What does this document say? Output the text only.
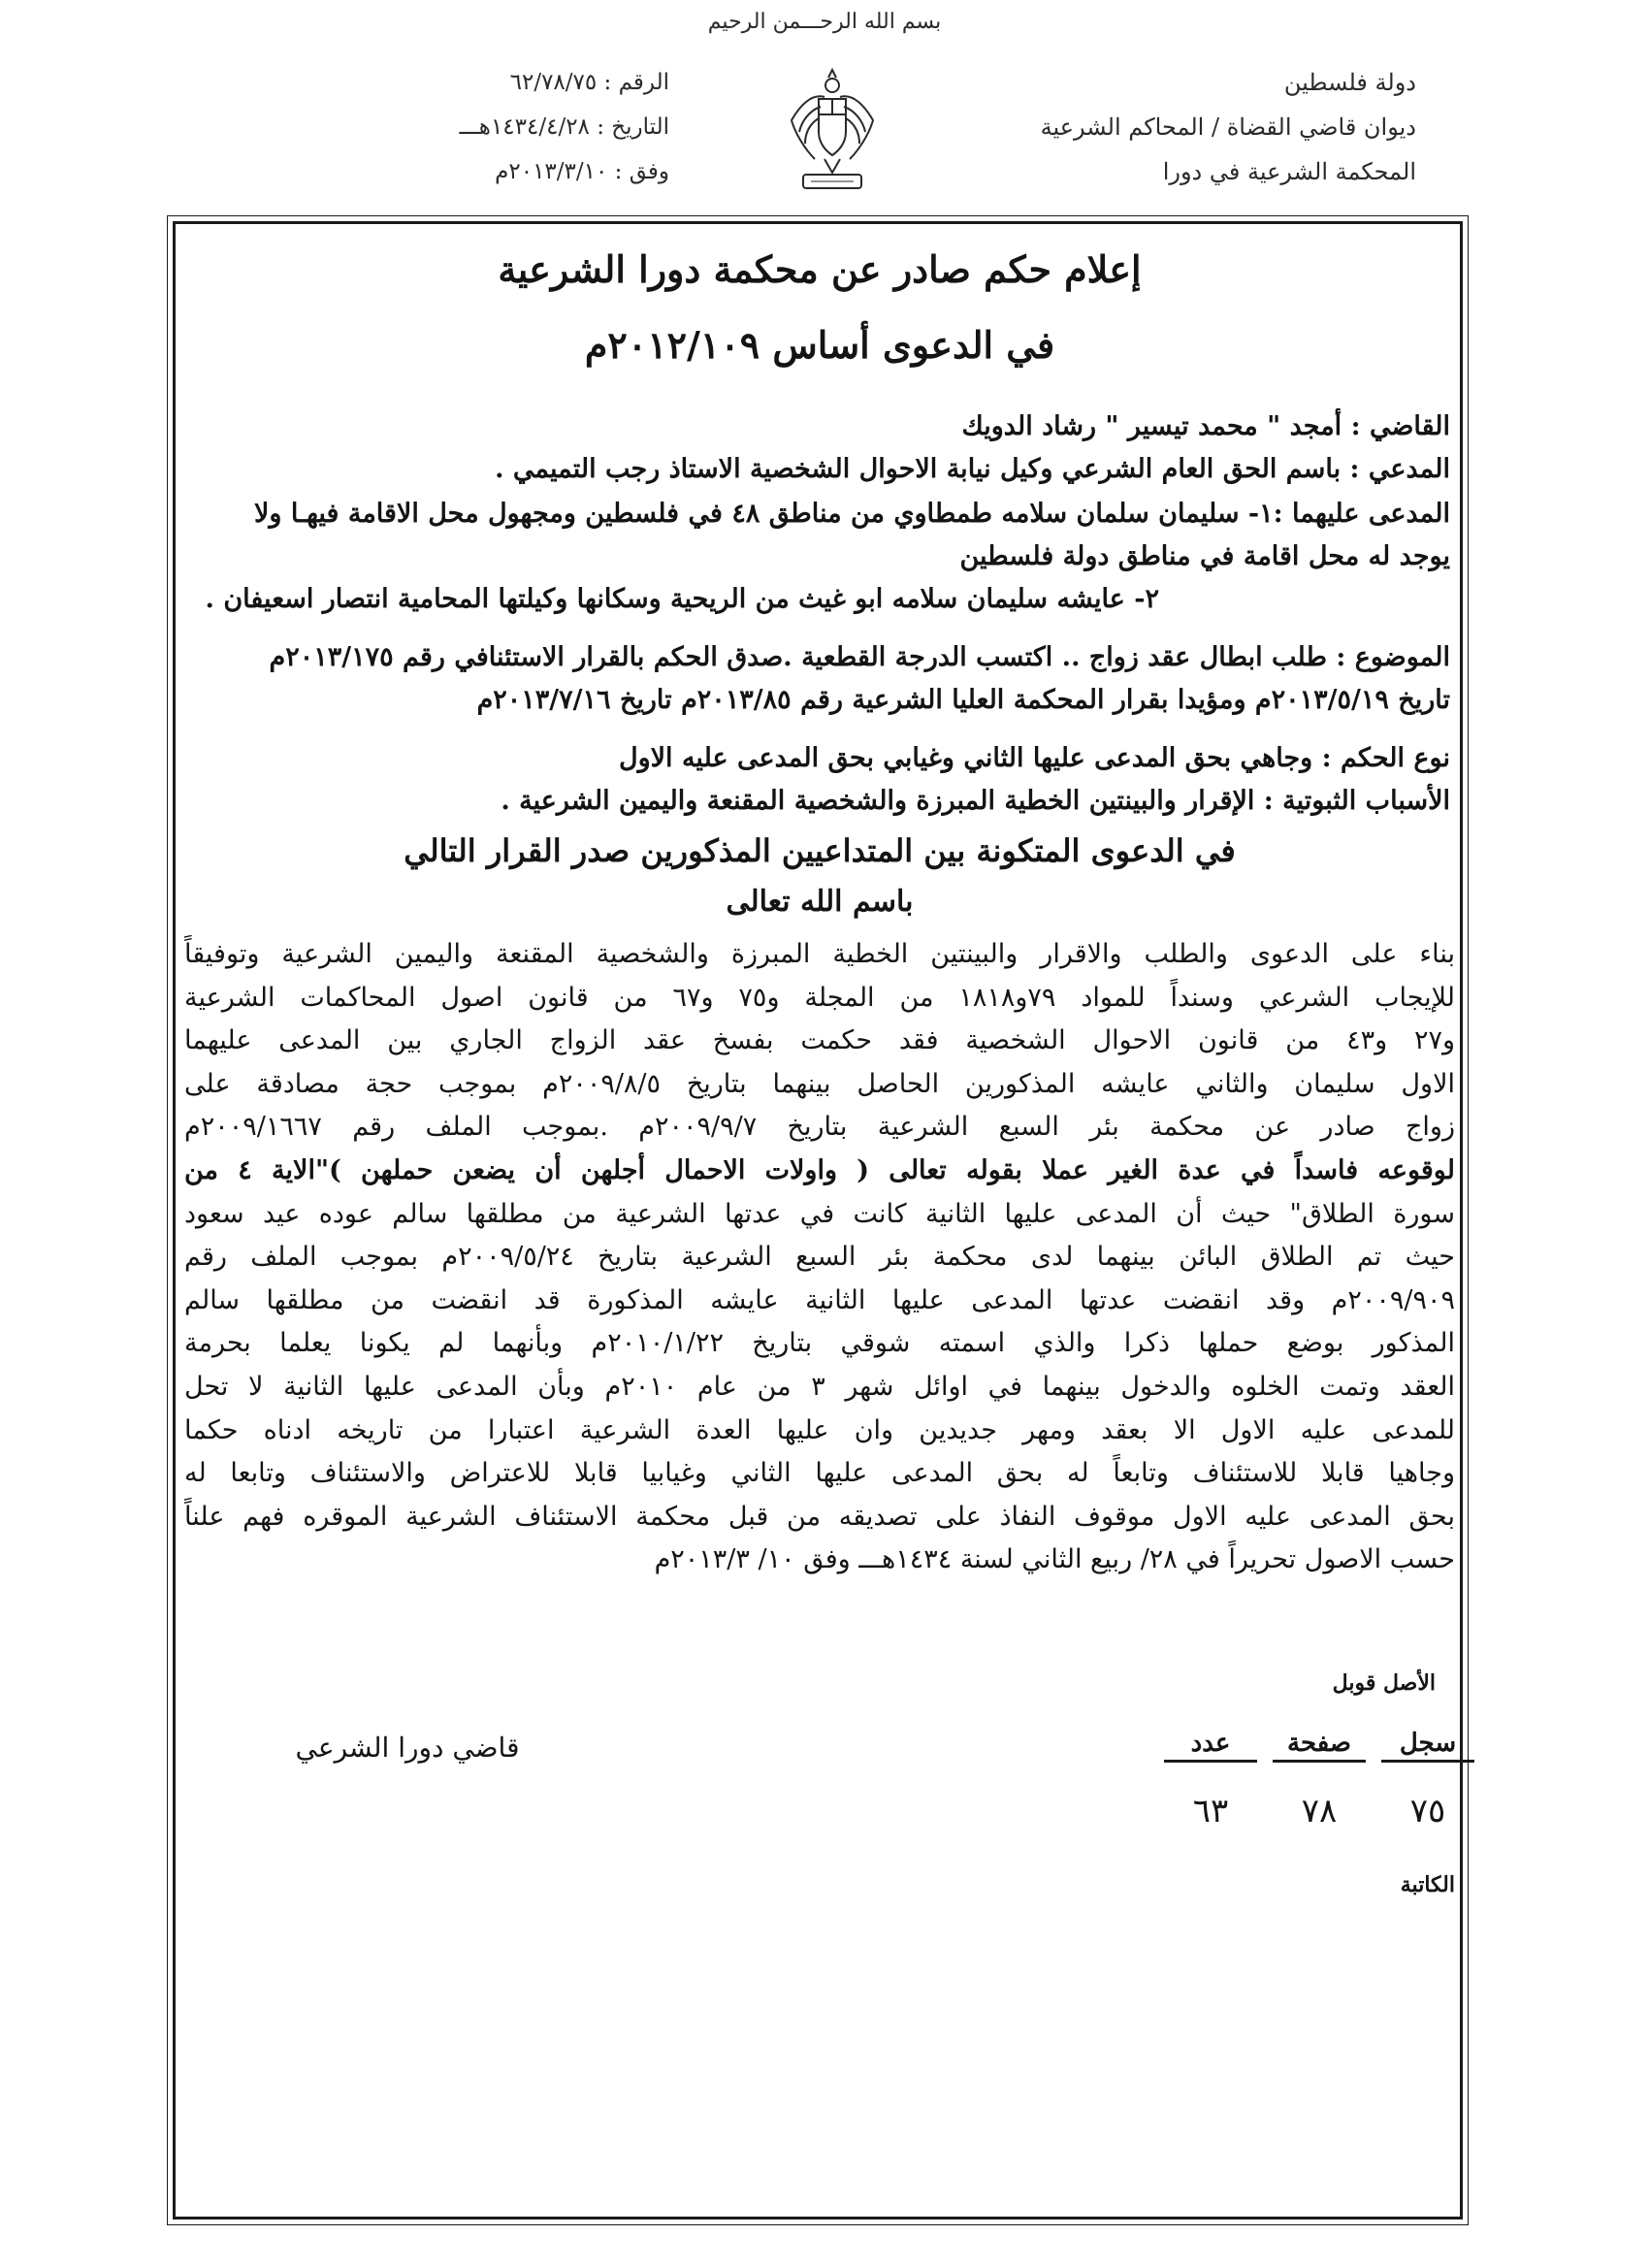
بسم الله الرحـــمن الرحيم
دولة فلسطين
ديوان قاضي القضاة / المحاكم الشرعية
المحكمة الشرعية في دورا
الرقم : ٦٢/٧٨/٧٥
التاريخ : ١٤٣٤/٤/٢٨هـــ
وفق : ٢٠١٣/٣/١٠م
إعلام حكم صادر عن محكمة دورا الشرعية
في الدعوى أساس ٢٠١٢/١٠٩م
القاضي : أمجد " محمد تيسير " رشاد الدويك
المدعي : باسم الحق العام الشرعي وكيل نيابة الاحوال الشخصية الاستاذ رجب التميمي .
المدعى عليهما :١- سليمان سلمان سلامه طمطاوي من مناطق ٤٨ في فلسطين ومجهول محل الاقامة فيهـا ولا
يوجد له محل اقامة في مناطق دولة فلسطين
٢- عايشه سليمان سلامه ابو غيث من الريحية وسكانها وكيلتها المحامية انتصار اسعيفان .
الموضوع : طلب ابطال عقد زواج .. اكتسب الدرجة القطعية .صدق الحكم بالقرار الاستئنافي رقم ٢٠١٣/١٧٥م
تاريخ ٢٠١٣/٥/١٩م ومؤيدا بقرار المحكمة العليا الشرعية رقم ٢٠١٣/٨٥م تاريخ ٢٠١٣/٧/١٦م
نوع الحكم : وجاهي بحق المدعى عليها الثاني وغيابي بحق المدعى عليه الاول
الأسباب الثبوتية : الإقرار والبينتين الخطية المبرزة والشخصية المقنعة واليمين الشرعية .
في الدعوى المتكونة بين المتداعيين المذكورين صدر القرار التالي
باسم الله تعالى
بناء على الدعوى والطلب والاقرار والبينتين الخطية المبرزة والشخصية المقنعة واليمين الشرعية وتوفيقاً
للإيجاب الشرعي وسنداً للمواد ٧٩و١٨١٨ من المجلة و٧٥ و٦٧ من قانون اصول المحاكمات الشرعية
و٢٧ و٤٣ من قانون الاحوال الشخصية فقد حكمت بفسخ عقد الزواج الجاري بين المدعى عليهما
الاول سليمان والثاني عايشه المذكورين الحاصل بينهما بتاريخ ٢٠٠٩/٨/٥م بموجب حجة مصادقة على
زواج صادر عن محكمة بئر السبع الشرعية بتاريخ ٢٠٠٩/٩/٧م .بموجب الملف رقم ٢٠٠٩/١٦٦٧م
لوقوعه فاسداً في عدة الغير عملا بقوله تعالى ( واولات الاحمال أجلهن أن يضعن حملهن )"الاية ٤ من
سورة الطلاق" حيث أن المدعى عليها الثانية كانت في عدتها الشرعية من مطلقها سالم عوده عيد سعود
حيث تم الطلاق البائن بينهما لدى محكمة بئر السبع الشرعية بتاريخ ٢٠٠٩/٥/٢٤م بموجب الملف رقم
٢٠٠٩/٩٠٩م وقد انقضت عدتها المدعى عليها الثانية عايشه المذكورة قد انقضت من مطلقها سالم
المذكور بوضع حملها ذكرا والذي اسمته شوقي بتاريخ ٢٠١٠/١/٢٢م وبأنهما لم يكونا يعلما بحرمة
العقد وتمت الخلوه والدخول بينهما في اوائل شهر ٣ من عام ٢٠١٠م وبأن المدعى عليها الثانية لا تحل
للمدعى عليه الاول الا بعقد ومهر جديدين وان عليها العدة الشرعية اعتبارا من تاريخه ادناه حكما
وجاهيا قابلا للاستئناف وتابعاً له بحق المدعى عليها الثاني وغيابيا قابلا للاعتراض والاستئناف وتابعا له
بحق المدعى عليه الاول موقوف النفاذ على تصديقه من قبل محكمة الاستئناف الشرعية الموقره فهم علناً
حسب الاصول تحريراً في ٢٨/ ربيع الثاني لسنة ١٤٣٤هـــ وفق ١٠/ ٢٠١٣/٣م
الأصل قوبل
سجل
٧٥
صفحة
٧٨
عدد
٦٣
قاضي دورا الشرعي
الكاتبة
